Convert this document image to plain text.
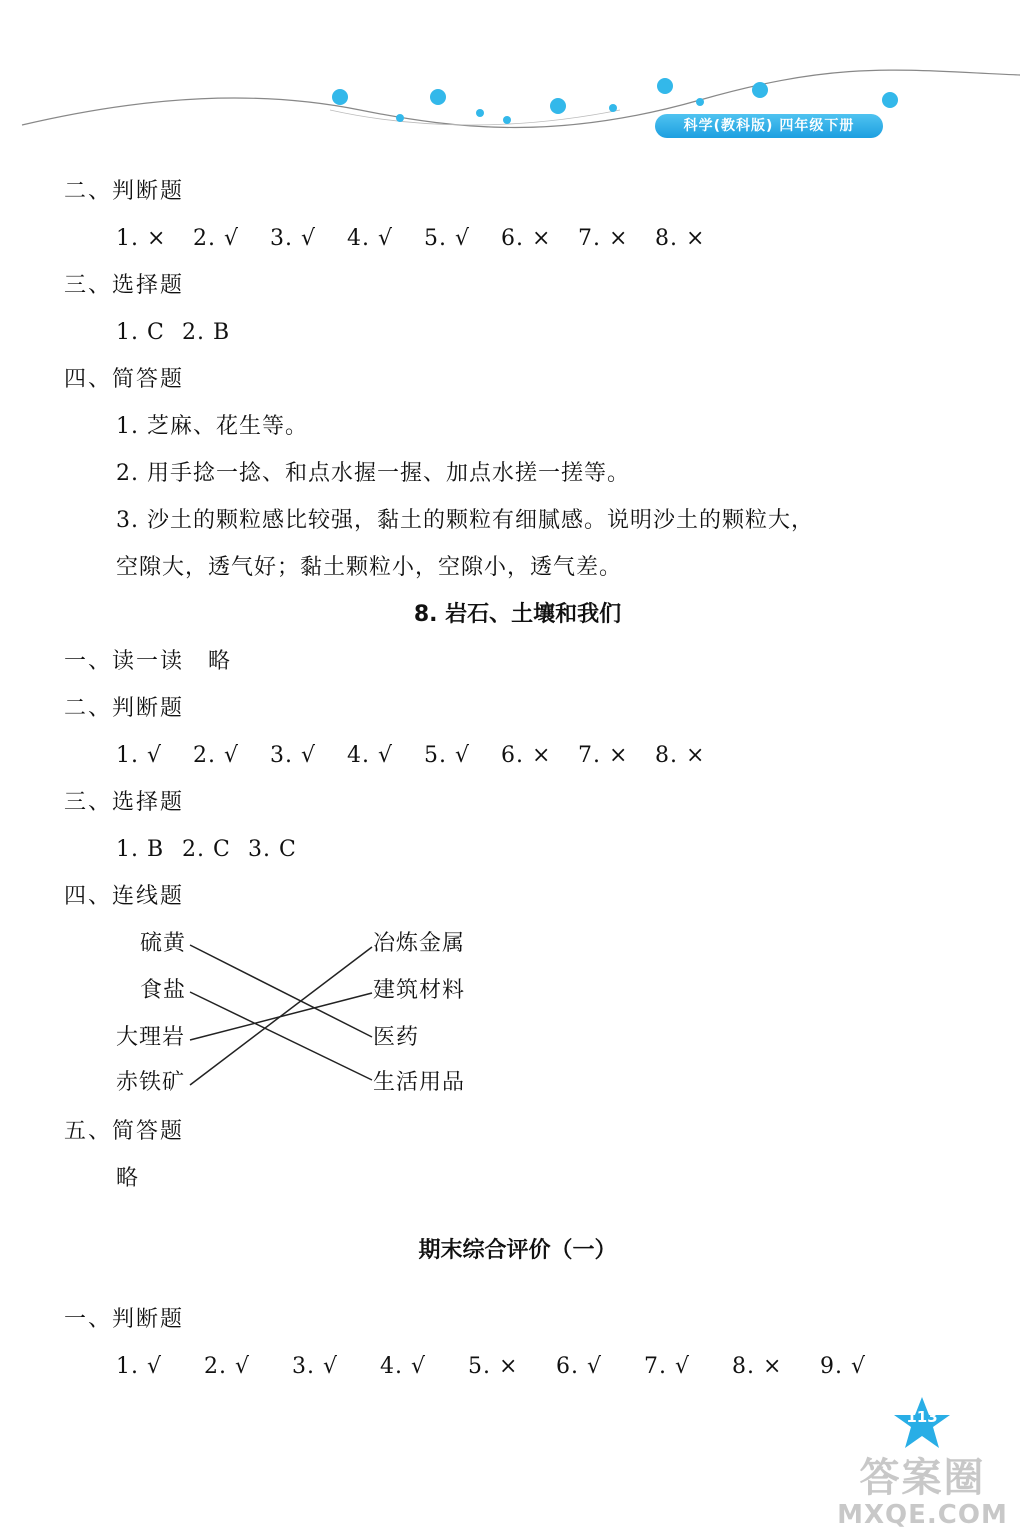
科学(教科版) 四年级下册
二、判断题
1. × 2. √ 3. √ 4. √ 5. √ 6. × 7. × 8. ×
三、选择题
1. C 2. B
四、简答题
1. 芝麻、花生等。
2. 用手捻一捻、和点水握一握、加点水搓一搓等。
3. 沙土的颗粒感比较强，黏土的颗粒有细腻感。说明沙土的颗粒大，
空隙大，透气好；黏土颗粒小，空隙小，透气差。
8. 岩石、土壤和我们
一、读一读　略
二、判断题
1. √ 2. √ 3. √ 4. √ 5. √ 6. × 7. × 8. ×
三、选择题
1. B 2. C 3. C
四、连线题
硫黄
食盐
大理岩
赤铁矿
冶炼金属
建筑材料
医药
生活用品
五、简答题
略
期末综合评价（一）
一、判断题
1. √ 2. √ 3. √ 4. √ 5. × 6. √ 7. √ 8. × 9. √
113
答案圈
MXQE.COM
